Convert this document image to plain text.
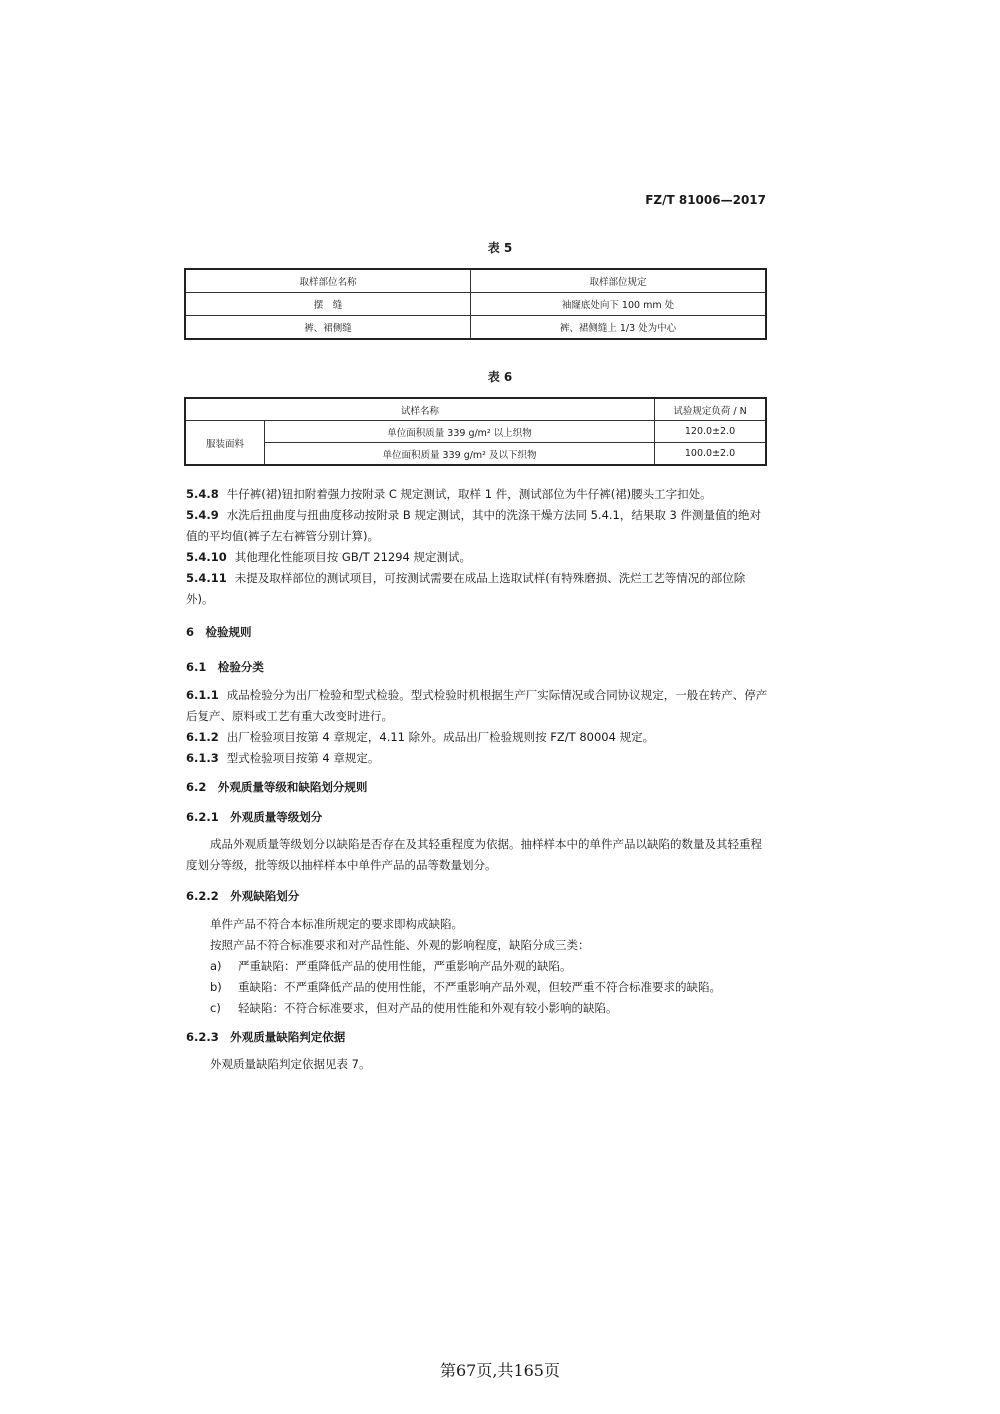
FZ/T 81006—2017
表 5
取样部位名称	取样部位规定
摆　缝	袖窿底处向下 100 mm 处
裤、裙侧缝	裤、裙侧缝上 1/3 处为中心
表 6
试样名称		试验规定负荷 / N
服装面料	单位面积质量 339 g/m² 以上织物	120.0±2.0
	单位面积质量 339 g/m² 及以下织物	100.0±2.0
5.4.8 牛仔裤(裙)钮扣附着强力按附录 C 规定测试，取样 1 件，测试部位为牛仔裤(裙)腰头工字扣处。
5.4.9 水洗后扭曲度与扭曲度移动按附录 B 规定测试，其中的洗涤干燥方法同 5.4.1，结果取 3 件测量值的绝对值的平均值(裤子左右裤管分别计算)。
5.4.10 其他理化性能项目按 GB/T 21294 规定测试。
5.4.11 未提及取样部位的测试项目，可按测试需要在成品上选取试样(有特殊磨损、洗烂工艺等情况的部位除外)。
6　检验规则
6.1　检验分类
6.1.1 成品检验分为出厂检验和型式检验。型式检验时机根据生产厂实际情况或合同协议规定，一般在转产、停产后复产、原料或工艺有重大改变时进行。
6.1.2 出厂检验项目按第 4 章规定，4.11 除外。成品出厂检验规则按 FZ/T 80004 规定。
6.1.3 型式检验项目按第 4 章规定。
6.2　外观质量等级和缺陷划分规则
6.2.1　外观质量等级划分
成品外观质量等级划分以缺陷是否存在及其轻重程度为依据。抽样样本中的单件产品以缺陷的数量及其轻重程度划分等级，批等级以抽样样本中单件产品的品等数量划分。
6.2.2　外观缺陷划分
单件产品不符合本标准所规定的要求即构成缺陷。
按照产品不符合标准要求和对产品性能、外观的影响程度，缺陷分成三类：
a)	严重缺陷：严重降低产品的使用性能，严重影响产品外观的缺陷。
b)	重缺陷：不严重降低产品的使用性能，不严重影响产品外观，但较严重不符合标准要求的缺陷。
c)	轻缺陷：不符合标准要求，但对产品的使用性能和外观有较小影响的缺陷。
6.2.3　外观质量缺陷判定依据
外观质量缺陷判定依据见表 7。
第67页,共165页
